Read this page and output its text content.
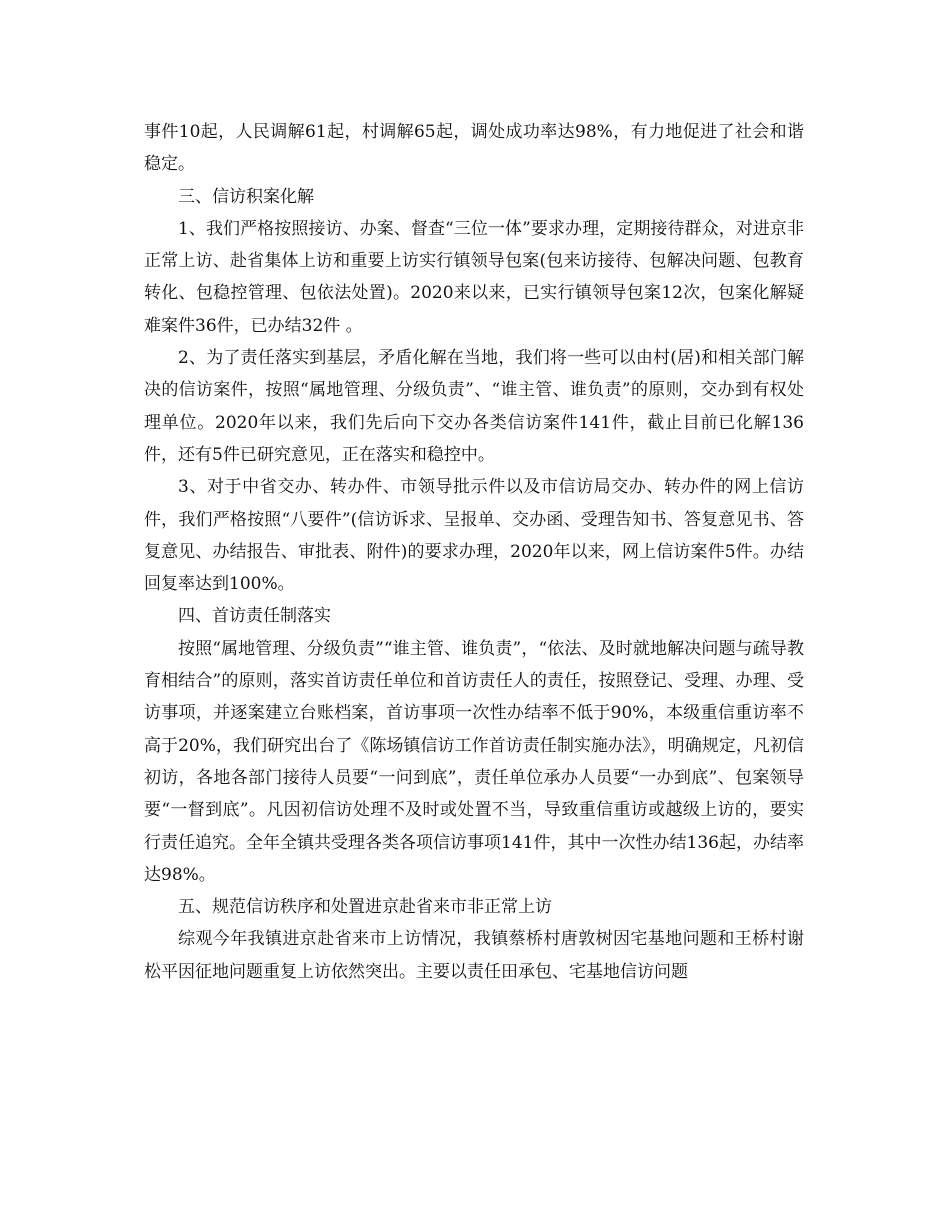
事件10起，人民调解61起，村调解65起，调处成功率达98%，有力地促进了社会和谐稳定。

三、信访积案化解

1、我们严格按照接访、办案、督查“三位一体”要求办理，定期接待群众，对进京非正常上访、赴省集体上访和重要上访实行镇领导包案(包来访接待、包解决问题、包教育转化、包稳控管理、包依法处置)。2020来以来，已实行镇领导包案12次，包案化解疑难案件36件，已办结32件 。

2、为了责任落实到基层，矛盾化解在当地，我们将一些可以由村(居)和相关部门解决的信访案件，按照“属地管理、分级负责”、“谁主管、谁负责”的原则，交办到有权处理单位。2020年以来，我们先后向下交办各类信访案件141件，截止目前已化解136件，还有5件已研究意见，正在落实和稳控中。

3、对于中省交办、转办件、市领导批示件以及市信访局交办、转办件的网上信访件，我们严格按照“八要件”(信访诉求、呈报单、交办函、受理告知书、答复意见书、答复意见、办结报告、审批表、附件)的要求办理，2020年以来，网上信访案件5件。办结回复率达到100%。

四、首访责任制落实

按照“属地管理、分级负责”“谁主管、谁负责”，“依法、及时就地解决问题与疏导教育相结合”的原则，落实首访责任单位和首访责任人的责任，按照登记、受理、办理、受访事项，并逐案建立台账档案，首访事项一次性办结率不低于90%，本级重信重访率不高于20%，我们研究出台了《陈场镇信访工作首访责任制实施办法》，明确规定，凡初信初访，各地各部门接待人员要“一问到底”，责任单位承办人员要“一办到底”、包案领导要“一督到底”。凡因初信访处理不及时或处置不当，导致重信重访或越级上访的，要实行责任追究。全年全镇共受理各类各项信访事项141件，其中一次性办结136起，办结率达98%。

五、规范信访秩序和处置进京赴省来市非正常上访

综观今年我镇进京赴省来市上访情况，我镇蔡桥村唐敦树因宅基地问题和王桥村谢松平因征地问题重复上访依然突出。主要以责任田承包、宅基地信访问题
